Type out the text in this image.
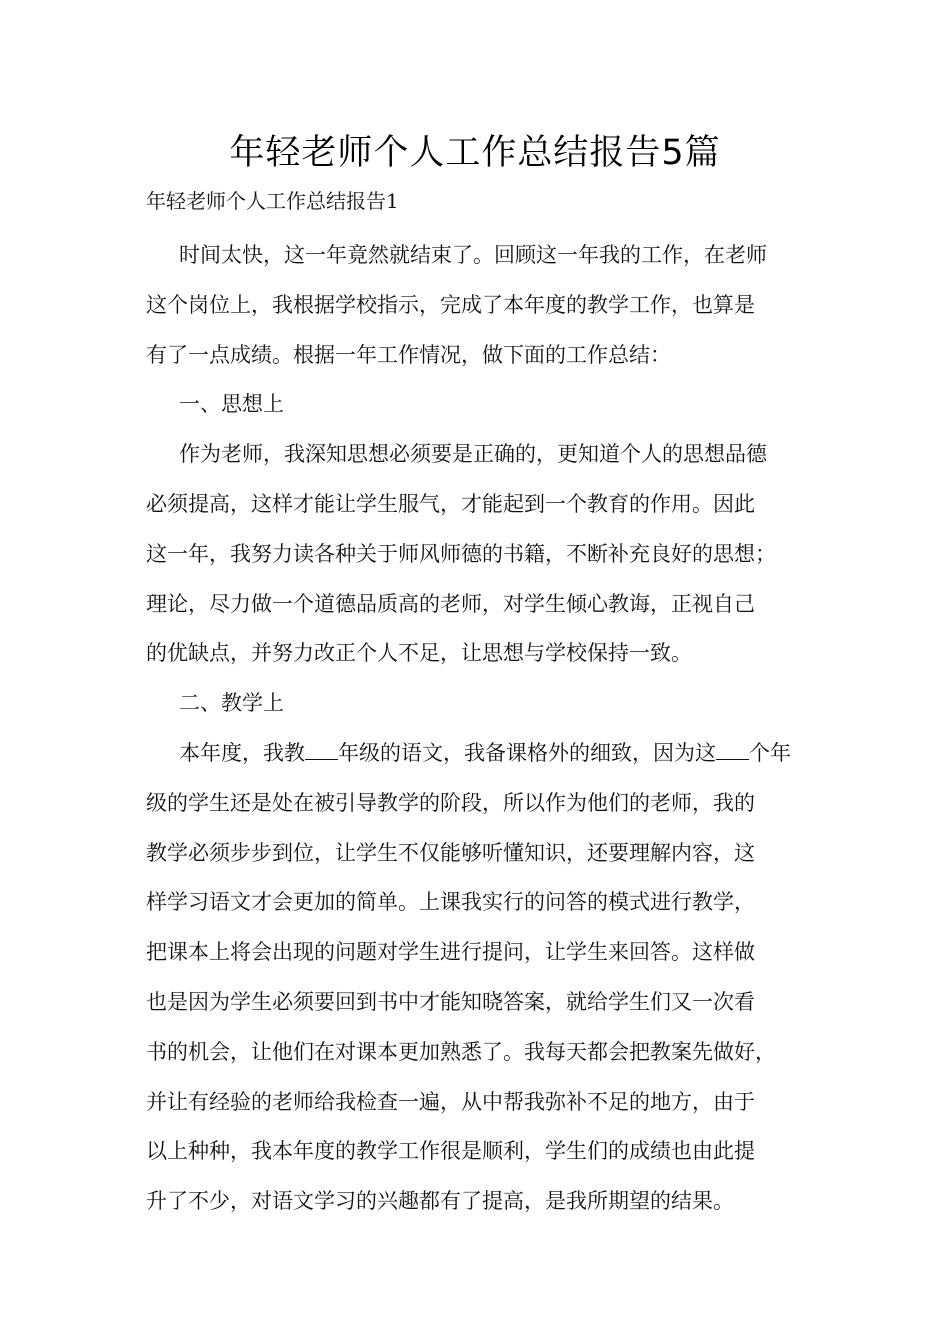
年轻老师个人工作总结报告5篇

年轻老师个人工作总结报告1

时间太快，这一年竟然就结束了。回顾这一年我的工作，在老师
这个岗位上，我根据学校指示，完成了本年度的教学工作，也算是
有了一点成绩。根据一年工作情况，做下面的工作总结：
一、思想上
作为老师，我深知思想必须要是正确的，更知道个人的思想品德
必须提高，这样才能让学生服气，才能起到一个教育的作用。因此
这一年，我努力读各种关于师风师德的书籍，不断补充良好的思想；
理论，尽力做一个道德品质高的老师，对学生倾心教诲，正视自己
的优缺点，并努力改正个人不足，让思想与学校保持一致。
二、教学上
本年度，我教 年级的语文，我备课格外的细致，因为这 个年
级的学生还是处在被引导教学的阶段，所以作为他们的老师，我的
教学必须步步到位，让学生不仅能够听懂知识，还要理解内容，这
样学习语文才会更加的简单。上课我实行的问答的模式进行教学，
把课本上将会出现的问题对学生进行提问，让学生来回答。这样做
也是因为学生必须要回到书中才能知晓答案，就给学生们又一次看
书的机会，让他们在对课本更加熟悉了。我每天都会把教案先做好，
并让有经验的老师给我检查一遍，从中帮我弥补不足的地方，由于
以上种种，我本年度的教学工作很是顺利，学生们的成绩也由此提
升了不少，对语文学习的兴趣都有了提高，是我所期望的结果。
